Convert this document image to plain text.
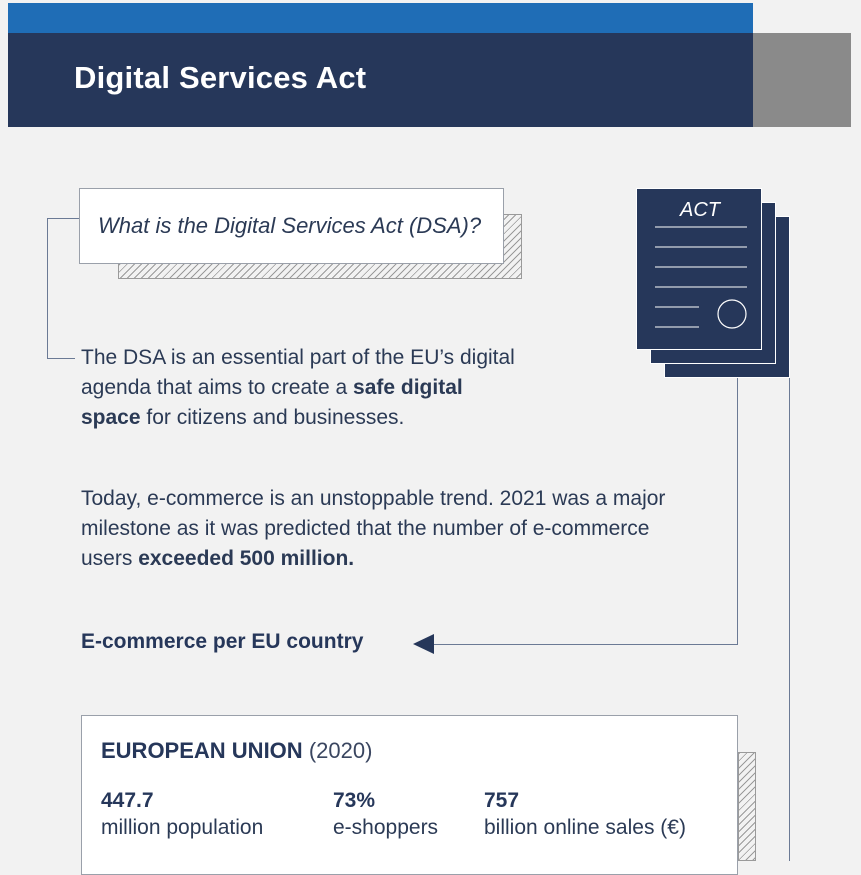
Digital Services Act
What is the Digital Services Act (DSA)?

The DSA is an essential part of the EU’s digital agenda that aims to create a safe digital space for citizens and businesses.

Today, e-commerce is an unstoppable trend. 2021 was a major milestone as it was predicted that the number of e-commerce users exceeded 500 million.

ACT
E-commerce per EU country
EUROPEAN UNION (2020)
447.7
million population
73%
e-shoppers
757
billion online sales (€)
